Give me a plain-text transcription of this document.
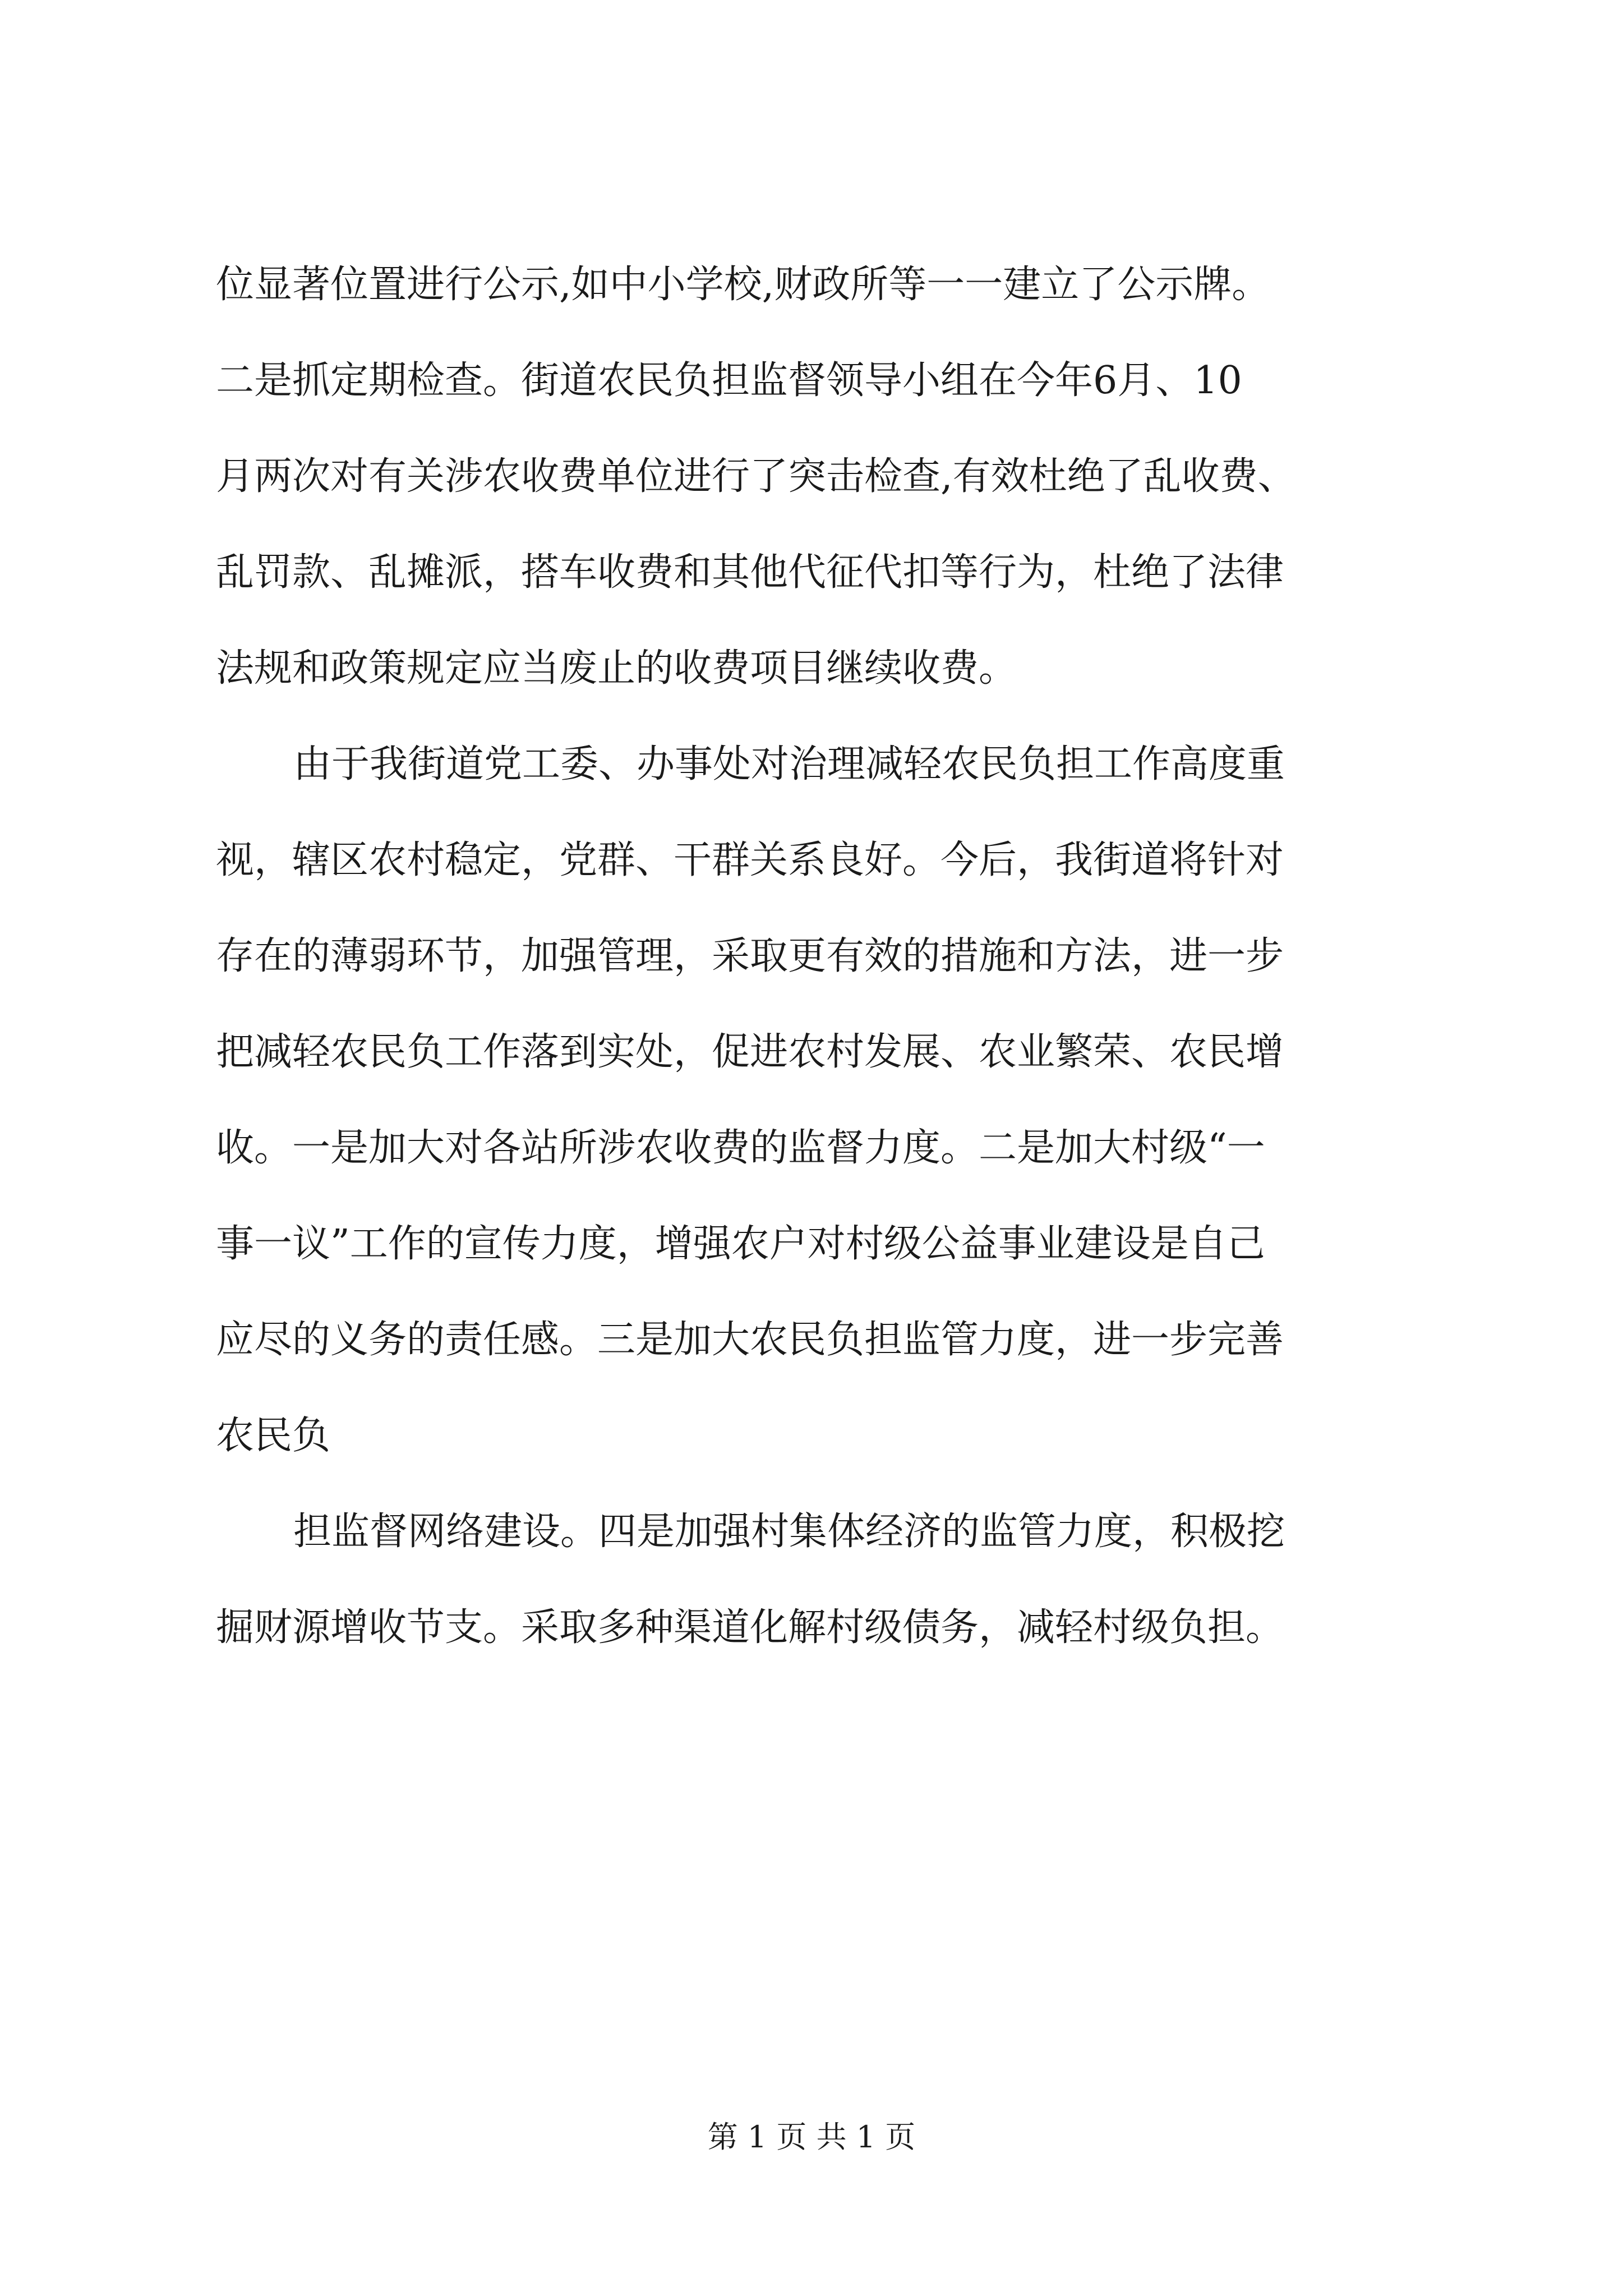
位显著位置进行公示,如中小学校,财政所等一一建立了公示牌。
二是抓定期检查。街道农民负担监督领导小组在今年6月、10
月两次对有关涉农收费单位进行了突击检查,有效杜绝了乱收费、
乱罚款、乱摊派，搭车收费和其他代征代扣等行为，杜绝了法律
法规和政策规定应当废止的收费项目继续收费。
由于我街道党工委、办事处对治理减轻农民负担工作高度重
视，辖区农村稳定，党群、干群关系良好。今后，我街道将针对
存在的薄弱环节，加强管理，采取更有效的措施和方法，进一步
把减轻农民负工作落到实处，促进农村发展、农业繁荣、农民增
收。一是加大对各站所涉农收费的监督力度。二是加大村级“一
事一议”工作的宣传力度，增强农户对村级公益事业建设是自己
应尽的义务的责任感。三是加大农民负担监管力度，进一步完善
农民负
担监督网络建设。四是加强村集体经济的监管力度，积极挖
掘财源增收节支。采取多种渠道化解村级债务，减轻村级负担。
第 1 页 共 1 页
